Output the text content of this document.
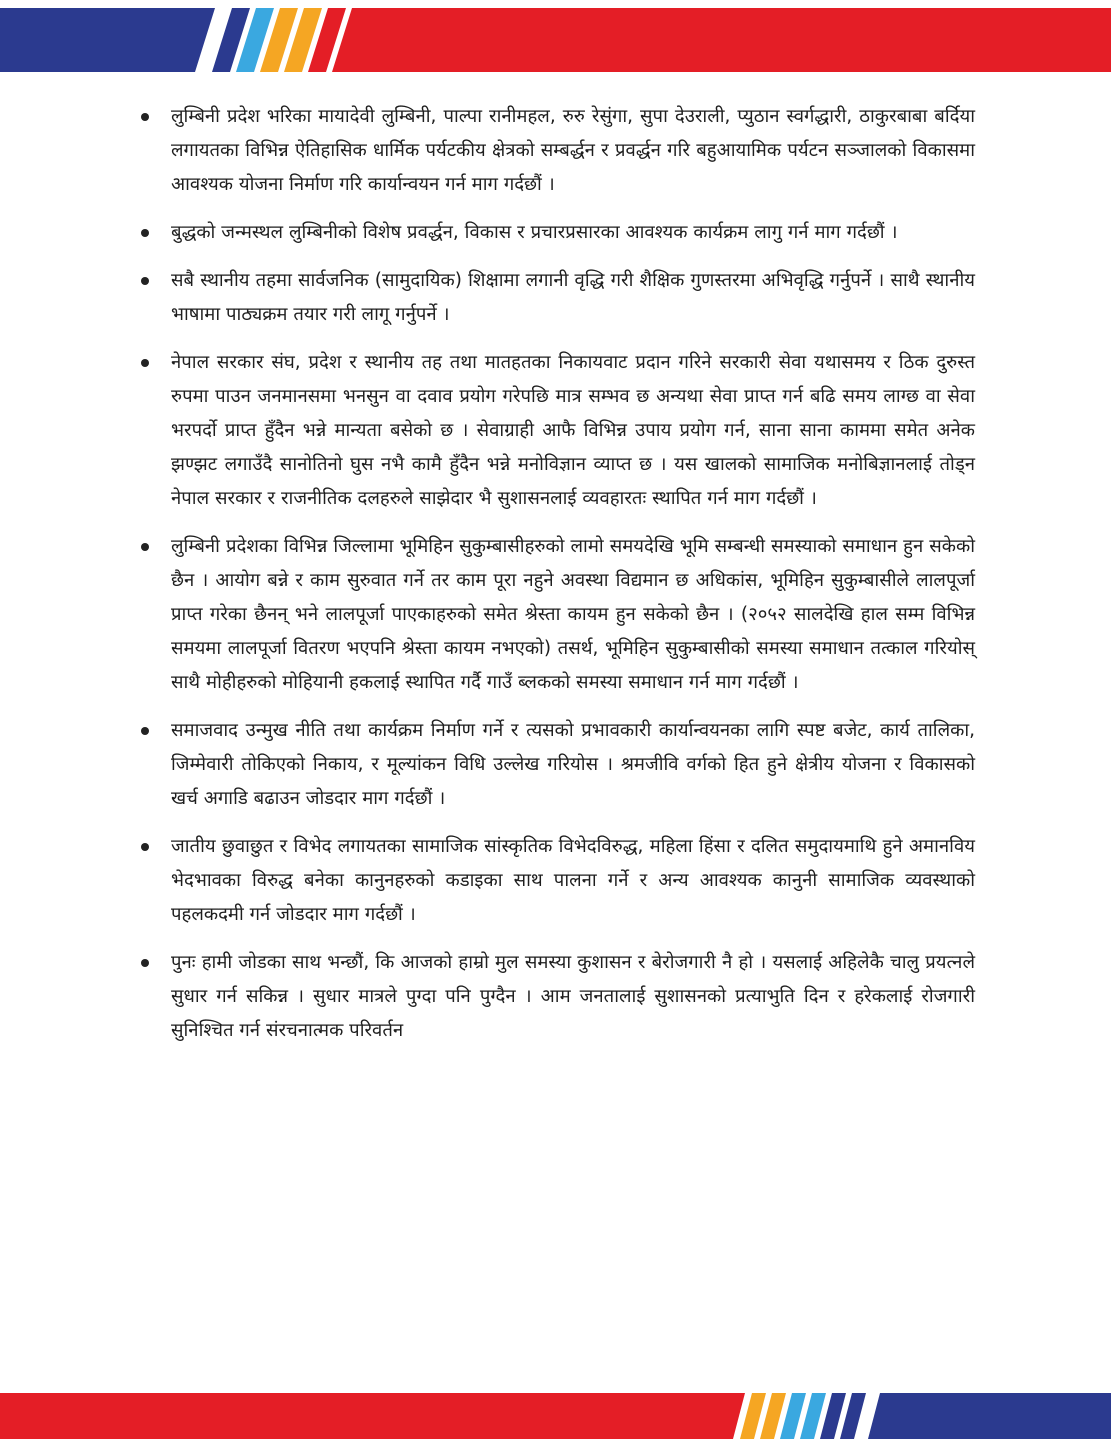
लुम्बिनी प्रदेश भरिका मायादेवी लुम्बिनी, पाल्पा रानीमहल, रुरु रेसुंगा, सुपा देउराली, प्युठान स्वर्गद्धारी, ठाकुरबाबा बर्दिया लगायतका विभिन्न ऐतिहासिक धार्मिक पर्यटकीय क्षेत्रको सम्बर्द्धन र प्रवर्द्धन गरि बहुआयामिक पर्यटन सञ्जालको विकासमा आवश्यक योजना निर्माण गरि कार्यान्वयन गर्न माग गर्दछौं ।

बुद्धको जन्मस्थल लुम्बिनीको विशेष प्रवर्द्धन, विकास र प्रचारप्रसारका आवश्यक कार्यक्रम लागु गर्न माग गर्दछौं ।

सबै स्थानीय तहमा सार्वजनिक (सामुदायिक) शिक्षामा लगानी वृद्धि गरी शैक्षिक गुणस्तरमा अभिवृद्धि गर्नुपर्ने । साथै स्थानीय भाषामा पाठ्यक्रम तयार गरी लागू गर्नुपर्ने ।

नेपाल सरकार संघ, प्रदेश र स्थानीय तह तथा मातहतका निकायवाट प्रदान गरिने सरकारी सेवा यथासमय र ठिक दुरुस्त रुपमा पाउन जनमानसमा भनसुन वा दवाव प्रयोग गरेपछि मात्र सम्भव छ अन्यथा सेवा प्राप्त गर्न बढि समय लाग्छ वा सेवा भरपर्दो प्राप्त हुँदैन भन्ने मान्यता बसेको छ । सेवाग्राही आफै विभिन्न उपाय प्रयोग गर्न, साना साना काममा समेत अनेक झण्झट लगाउँदै सानोतिनो घुस नभै कामै हुँदैन भन्ने मनोविज्ञान व्याप्त छ । यस खालको सामाजिक मनोबिज्ञानलाई तोड्न नेपाल सरकार र राजनीतिक दलहरुले साझेदार भै सुशासनलाई व्यवहारतः स्थापित गर्न माग गर्दछौं ।

लुम्बिनी प्रदेशका विभिन्न जिल्लामा भूमिहिन सुकुम्बासीहरुको लामो समयदेखि भूमि सम्बन्धी समस्याको समाधान हुन सकेको छैन । आयोग बन्ने र काम सुरुवात गर्ने तर काम पूरा नहुने अवस्था विद्यमान छ अधिकांस, भूमिहिन सुकुम्बासीले लालपूर्जा प्राप्त गरेका छैनन् भने लालपूर्जा पाएकाहरुको समेत श्रेस्ता कायम हुन सकेको छैन । (२०५२ सालदेखि हाल सम्म विभिन्न समयमा लालपूर्जा वितरण भएपनि श्रेस्ता कायम नभएको) तसर्थ, भूमिहिन सुकुम्बासीको समस्या समाधान तत्काल गरियोस् साथै मोहीहरुको मोहियानी हकलाई स्थापित गर्दै गाउँ ब्लकको समस्या समाधान गर्न माग गर्दछौं ।

समाजवाद उन्मुख नीति तथा कार्यक्रम निर्माण गर्ने र त्यसको प्रभावकारी कार्यान्वयनका लागि स्पष्ट बजेट, कार्य तालिका, जिम्मेवारी तोकिएको निकाय, र मूल्यांकन विधि उल्लेख गरियोस । श्रमजीवि वर्गको हित हुने क्षेत्रीय योजना र विकासको खर्च अगाडि बढाउन जोडदार माग गर्दछौं ।

जातीय छुवाछुत र विभेद लगायतका सामाजिक सांस्कृतिक विभेदविरुद्ध, महिला हिंसा र दलित समुदायमाथि हुने अमानविय भेदभावका विरुद्ध बनेका कानुनहरुको कडाइका साथ पालना गर्ने र अन्य आवश्यक कानुनी सामाजिक व्यवस्थाको पहलकदमी गर्न जोडदार माग गर्दछौं ।

पुनः हामी जोडका साथ भन्छौं, कि आजको हाम्रो मुल समस्या कुशासन र बेरोजगारी नै हो । यसलाई अहिलेकै चालु प्रयत्नले सुधार गर्न सकिन्न । सुधार मात्रले पुग्दा पनि पुग्दैन । आम जनतालाई सुशासनको प्रत्याभुति दिन र हरेकलाई रोजगारी सुनिश्चित गर्न संरचनात्मक परिवर्तन
